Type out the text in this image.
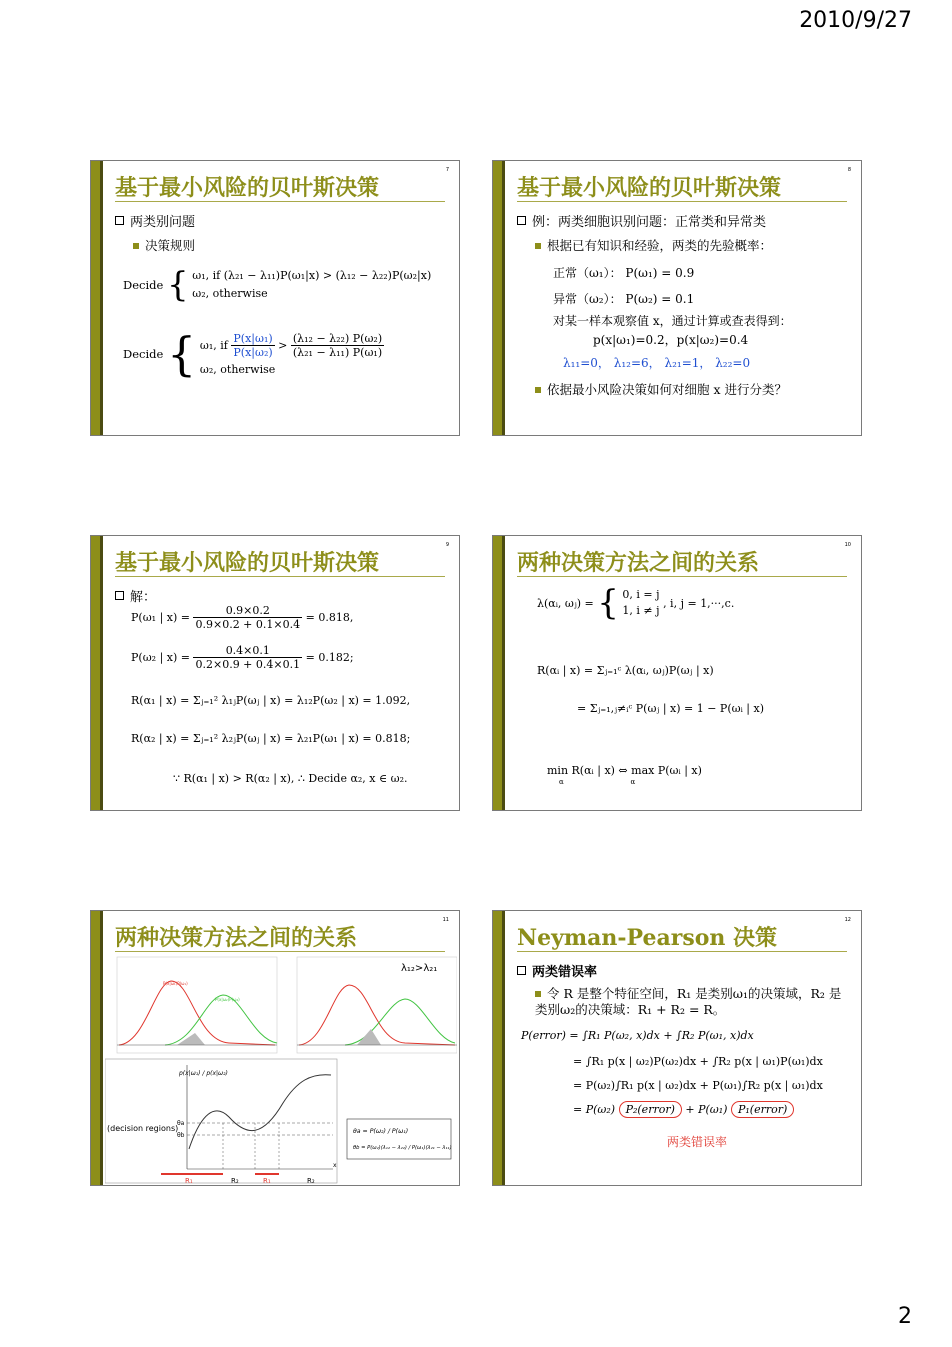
2010/9/27
7
基于最小风险的贝叶斯决策
两类别问题
决策规则
Decide { ω₁, if (λ₂₁ − λ₁₁)P(ω₁|x) > (λ₁₂ − λ₂₂)P(ω₂|x)
ω₂, otherwise
Decide { ω₁, if $\frac{\text{P(x|ω₁)}}{\text{P(x|ω₂)}} > \frac{\text{(λ₁₂ − λ₂₂) P(ω₂)}}{\text{(λ₂₁ − λ₁₁) P(ω₁)}}$
ω₂, otherwise
8
基于最小风险的贝叶斯决策
例：两类细胞识别问题：正常类和异常类
根据已有知识和经验，两类的先验概率：
正常（ω₁）： P(ω₁) = 0.9
异常（ω₂）： P(ω₂) = 0.1
对某一样本观察值 x，通过计算或查表得到：
p(x|ω₁)=0.2，p(x|ω₂)=0.4
λ₁₁=0， λ₁₂=6， λ₂₁=1， λ₂₂=0
依据最小风险决策如何对细胞 x 进行分类？
9
基于最小风险的贝叶斯决策
解：
P(ω₁ | $x) = \frac{0.9\times 0.2}{0.9\times 0.2 + 0.1\times 0.4} = 0.818$,
P(ω₂ | $x) = \frac{0.4\times 0.1}{0.2\times 0.9 + 0.4\times 0.1} = 0.182$;
R(α₁ | x) = Σⱼ₌₁² λ₁ⱼP(ωⱼ | x) = λ₁₂P(ω₂ | x) = 1.092,
R(α₂ | x) = Σⱼ₌₁² λ₂ⱼP(ωⱼ | x) = λ₂₁P(ω₁ | x) = 0.818;
∵ R(α₁ | x) > R(α₂ | x), ∴ Decide α₂, x ∈ ω₂.
10
两种决策方法之间的关系
λ(αᵢ, ωⱼ) = { 0, i = j
1, i ≠ j
, i, j = 1,···,c.
R(αᵢ | x) = Σⱼ₌₁ᶜ λ(αᵢ, ωⱼ)P(ωⱼ | x)
= Σⱼ₌₁,ⱼ≠ᵢᶜ P(ωⱼ | x) = 1 − P(ωᵢ | x)
min R(αᵢ | x) ⇔ max P(ωᵢ | x)
α                              α
11
两种决策方法之间的关系
P(x|ω₁)P(ω₁)
P(x|ω₂)P(ω₂)
λ₁₂>λ₂₁
p(x|ω₁) / p(x|ω₂)
θa
θb
(decision regions)
R₁	R₂	R₁	R₂
x
θa = P(ω₂) / P(ω₁)
θb = P(ω₂)(λ₁₂ − λ₂₂) / P(ω₁)(λ₂₁ − λ₁₁)
12
Neyman-Pearson 决策
两类错误率
令 R 是整个特征空间，R₁ 是类别ω₁的决策域，R₂ 是类别ω₂的决策域：R₁ + R₂ = R。
P(error) = ∫R₁ P(ω₂, x)dx + ∫R₂ P(ω₁, x)dx
= ∫R₁ p(x | ω₂)P(ω₂)dx + ∫R₂ p(x | ω₁)P(ω₁)dx
= P(ω₂)∫R₁ p(x | ω₂)dx + P(ω₁)∫R₂ p(x | ω₁)dx
= P(ω₂) P₂(error) + P(ω₁) P₁(error)
两类错误率
2
